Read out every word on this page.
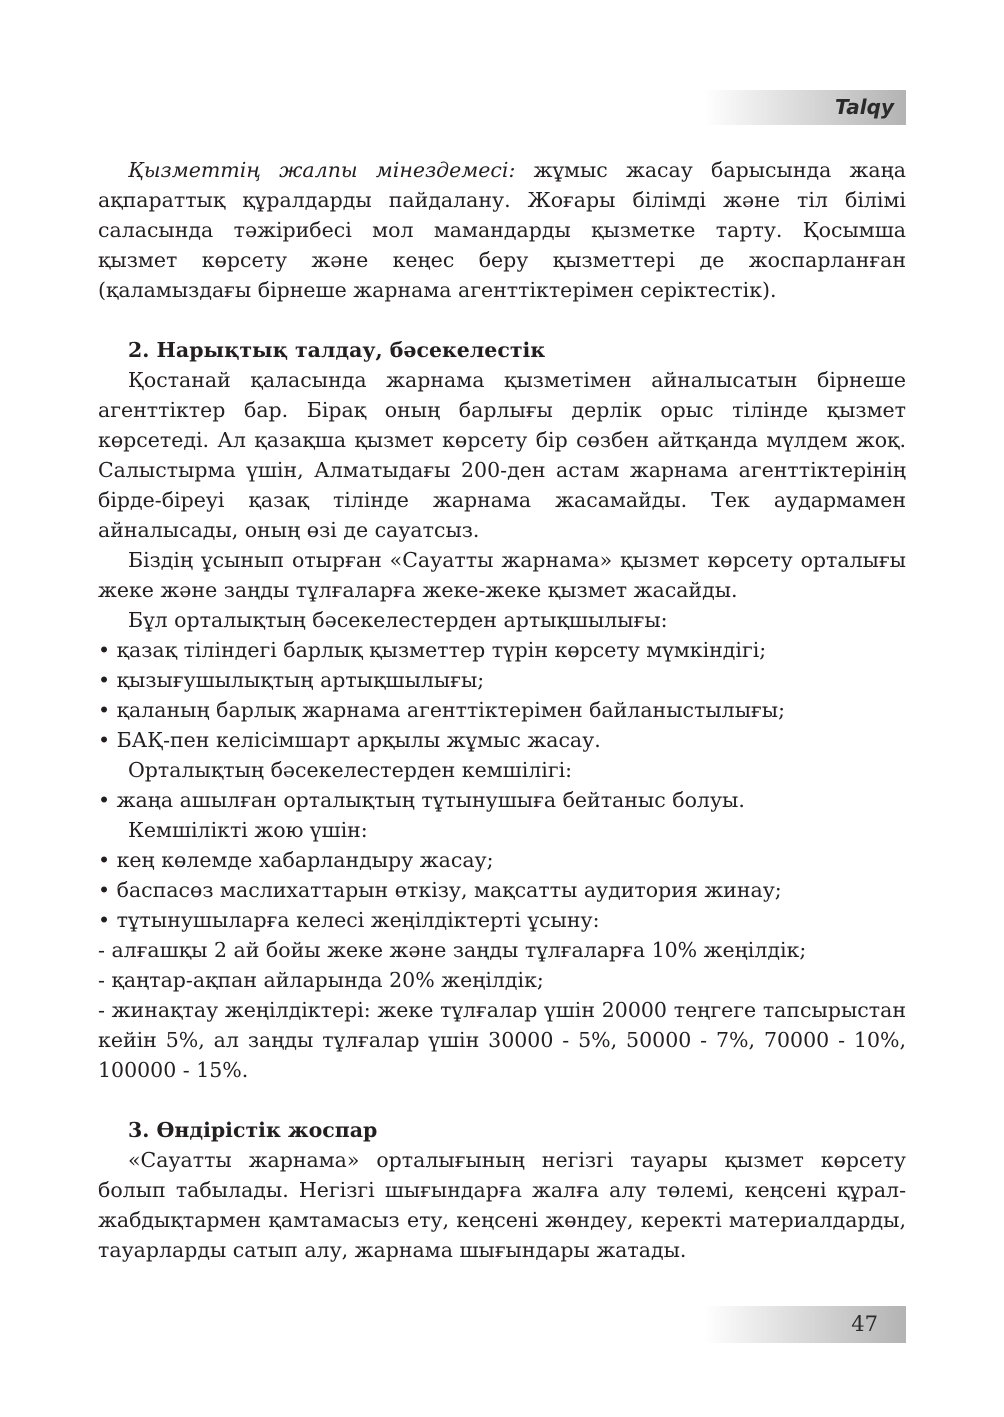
Talqy

Қызметтің жалпы мінездемесі: жұмыс жасау барысында жаңа ақпараттық құралдарды пайдалану. Жоғары білімді және тіл білімі саласында тәжірибесі мол мамандарды қызметке тарту. Қосымша қызмет көрсету және кеңес беру қызметтері де жоспарланған (қаламыздағы бірнеше жарнама агенттіктерімен серіктестік).

2. Нарықтық талдау, бәсекелестік

Қостанай қаласында жарнама қызметімен айналысатын бірнеше агенттіктер бар. Бірақ оның барлығы дерлік орыс тілінде қызмет көрсетеді. Ал қазақша қызмет көрсету бір сөзбен айтқанда мүлдем жоқ. Салыстырма үшін, Алматыдағы 200-ден астам жарнама агенттіктерінің бірде-біреуі қазақ тілінде жарнама жасамайды. Тек аудармамен айналысады, оның өзі де сауатсыз.

Біздің ұсынып отырған «Сауатты жарнама» қызмет көрсету орталығы жеке және заңды тұлғаларға жеке-жеке қызмет жасайды.

Бұл орталықтың бәсекелестерден артықшылығы:

• қазақ тіліндегі барлық қызметтер түрін көрсету мүмкіндігі;

• қызығушылықтың артықшылығы;

• қаланың барлық жарнама агенттіктерімен байланыстылығы;

• БАҚ-пен келісімшарт арқылы жұмыс жасау.

Орталықтың бәсекелестерден кемшілігі:

• жаңа ашылған орталықтың тұтынушыға бейтаныс болуы.

Кемшілікті жою үшін:

• кең көлемде хабарландыру жасау;

• баспасөз маслихаттарын өткізу, мақсатты аудитория жинау;

• тұтынушыларға келесі жеңілдіктерті ұсыну:

- алғашқы 2 ай бойы жеке және заңды тұлғаларға 10% жеңілдік;

- қаңтар-ақпан айларында 20% жеңілдік;

- жинақтау жеңілдіктері: жеке тұлғалар үшін 20000 теңгеге тапсырыстан кейін 5%, ал заңды тұлғалар үшін 30000 - 5%, 50000 - 7%, 70000 - 10%, 100000 - 15%.

3. Өндірістік жоспар

«Сауатты жарнама» орталығының негізгі тауары қызмет көрсету болып табылады. Негізгі шығындарға жалға алу төлемі, кеңсені құрал-жабдықтармен қамтамасыз ету, кеңсені жөндеу, керекті материалдарды, тауарларды сатып алу, жарнама шығындары жатады.

47
